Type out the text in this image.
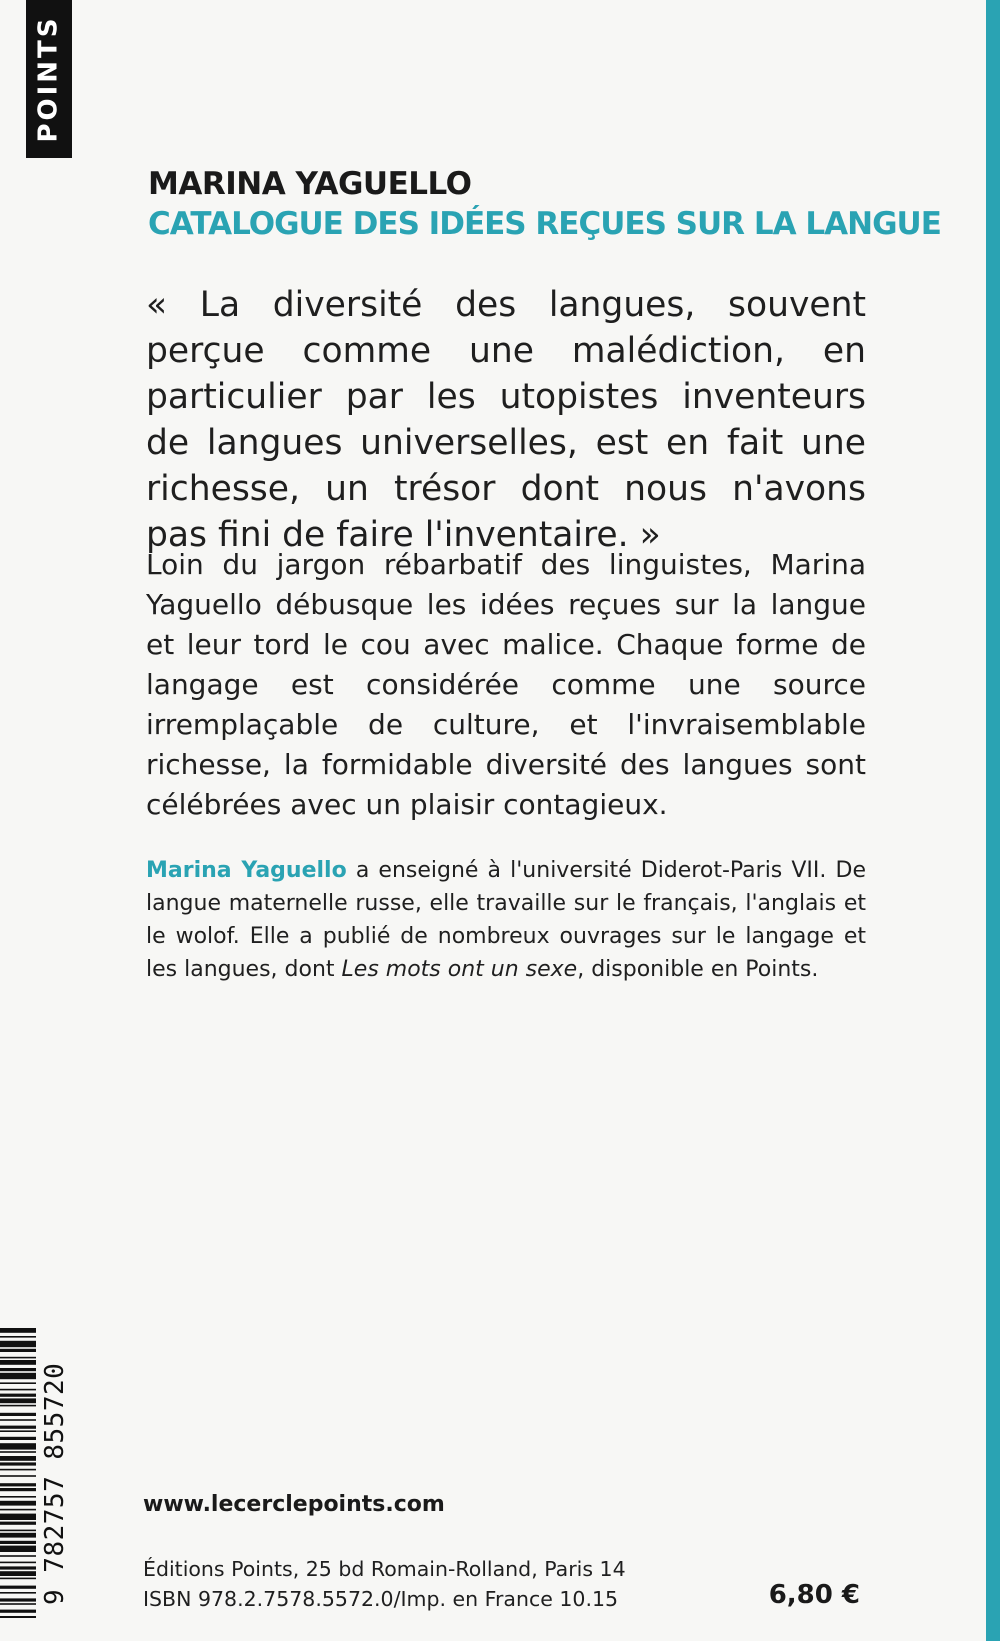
POINTS
MARINA YAGUELLO
CATALOGUE DES IDÉES REÇUES SUR LA LANGUE

« La diversité des langues, souvent perçue comme une malédiction, en particulier par les utopistes inventeurs de langues universelles, est en fait une richesse, un trésor dont nous n'avons pas fini de faire l'inventaire. »

Loin du jargon rébarbatif des linguistes, Marina Yaguello débusque les idées reçues sur la langue et leur tord le cou avec malice. Chaque forme de langage est considérée comme une source irremplaçable de culture, et l'invraisemblable richesse, la formidable diversité des langues sont célébrées avec un plaisir contagieux.

Marina Yaguello a enseigné à l'université Diderot-Paris VII. De langue maternelle russe, elle travaille sur le français, l'anglais et le wolof. Elle a publié de nombreux ouvrages sur le langage et les langues, dont Les mots ont un sexe, disponible en Points.

www.lecerclepoints.com

Éditions Points, 25 bd Romain-Rolland, Paris 14
ISBN 978.2.7578.5572.0/Imp. en France 10.15	6,80 €

9 782757 855720
